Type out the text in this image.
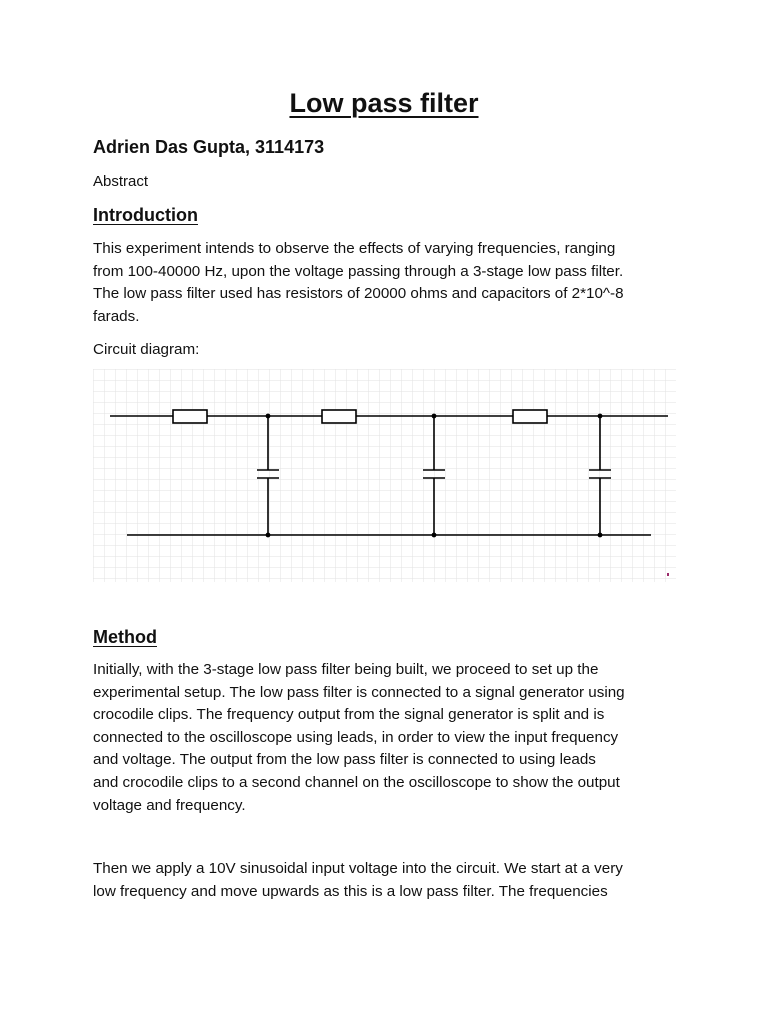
Low pass filter

Adrien Das Gupta, 3114173

Abstract

Introduction

This experiment intends to observe the effects of varying frequencies, ranging
from 100-40000 Hz, upon the voltage passing through a 3-stage low pass filter.
The low pass filter used has resistors of 20000 ohms and capacitors of 2*10^-8
farads.

Circuit diagram:

Method

Initially, with the 3-stage low pass filter being built, we proceed to set up the
experimental setup. The low pass filter is connected to a signal generator using
crocodile clips. The frequency output from the signal generator is split and is
connected to the oscilloscope using leads, in order to view the input frequency
and voltage. The output from the low pass filter is connected to using leads
and crocodile clips to a second channel on the oscilloscope to show the output
voltage and frequency.

Then we apply a 10V sinusoidal input voltage into the circuit. We start at a very
low frequency and move upwards as this is a low pass filter. The frequencies
